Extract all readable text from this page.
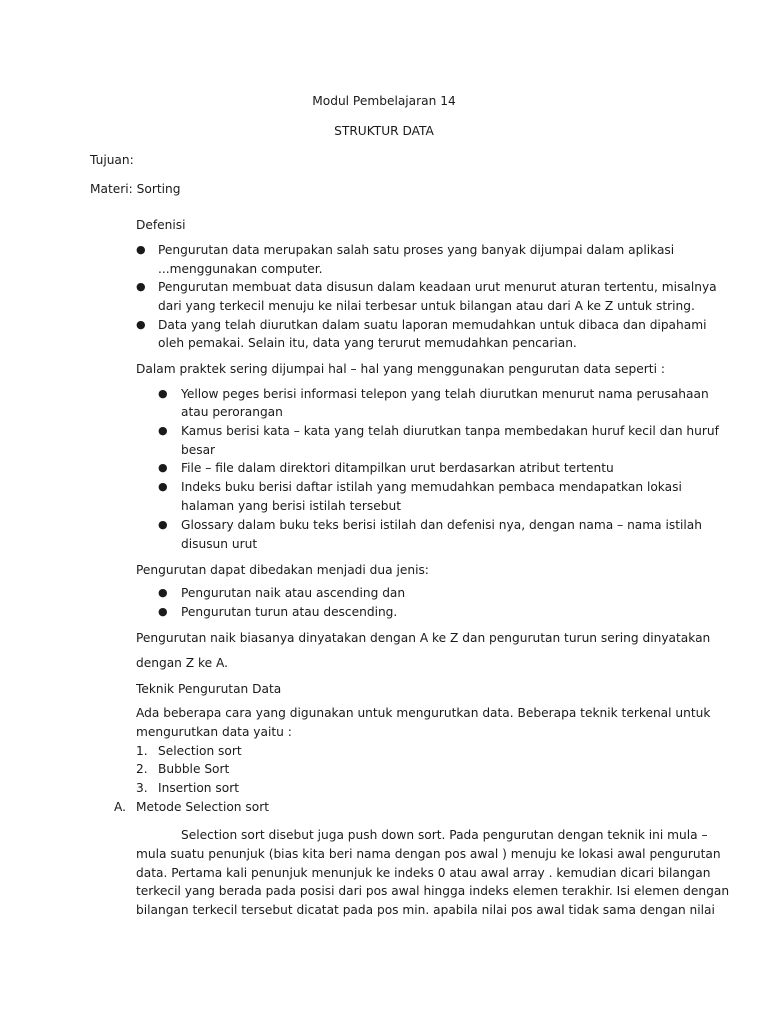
Modul Pembelajaran 14
STRUKTUR DATA
Tujuan:
Materi: Sorting
Defenisi
● Pengurutan data merupakan salah satu proses yang banyak dijumpai dalam aplikasi
...menggunakan computer.
● Pengurutan membuat data disusun dalam keadaan urut menurut aturan tertentu, misalnya
dari yang terkecil menuju ke nilai terbesar untuk bilangan atau dari A ke Z untuk string.
● Data yang telah diurutkan dalam suatu laporan memudahkan untuk dibaca dan dipahami
oleh pemakai. Selain itu, data yang terurut memudahkan pencarian.
Dalam praktek sering dijumpai hal – hal yang menggunakan pengurutan data seperti :
● Yellow peges berisi informasi telepon yang telah diurutkan menurut nama perusahaan
atau perorangan
● Kamus berisi kata – kata yang telah diurutkan tanpa membedakan huruf kecil dan huruf
besar
● File – file dalam direktori ditampilkan urut berdasarkan atribut tertentu
● Indeks buku berisi daftar istilah yang memudahkan pembaca mendapatkan lokasi
halaman yang berisi istilah tersebut
● Glossary dalam buku teks berisi istilah dan defenisi nya, dengan nama – nama istilah
disusun urut
Pengurutan dapat dibedakan menjadi dua jenis:
● Pengurutan naik atau ascending dan
● Pengurutan turun atau descending.
Pengurutan naik biasanya dinyatakan dengan A ke Z dan pengurutan turun sering dinyatakan
dengan Z ke A.
Teknik Pengurutan Data
Ada beberapa cara yang digunakan untuk mengurutkan data. Beberapa teknik terkenal untuk
mengurutkan data yaitu :
1. Selection sort
2. Bubble Sort
3. Insertion sort
A. Metode Selection sort
Selection sort disebut juga push down sort. Pada pengurutan dengan teknik ini mula –
mula suatu penunjuk (bias kita beri nama dengan pos awal ) menuju ke lokasi awal pengurutan
data. Pertama kali penunjuk menunjuk ke indeks 0 atau awal array . kemudian dicari bilangan
terkecil yang berada pada posisi dari pos awal hingga indeks elemen terakhir. Isi elemen dengan
bilangan terkecil tersebut dicatat pada pos min. apabila nilai pos awal tidak sama dengan nilai
